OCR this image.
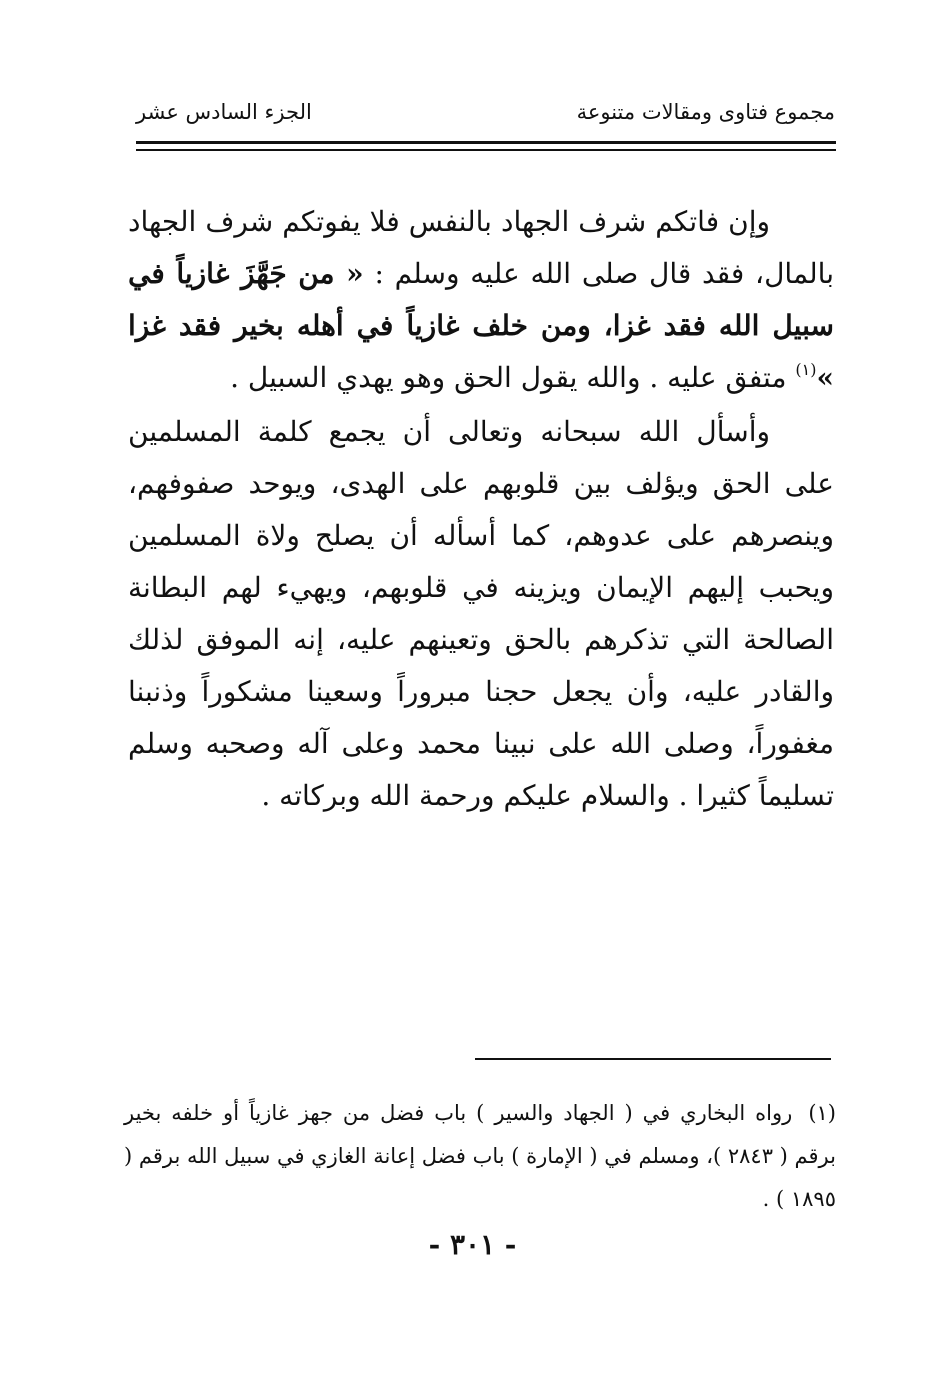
مجموع فتاوى ومقالات متنوعة
الجزء السادس عشر

وإن فاتكم شرف الجهاد بالنفس فلا يفوتكم شرف الجهاد بالمال، فقد قال صلى الله عليه وسلم : « من جَهَّزَ غازياً في سبيل الله فقد غزا، ومن خلف غازياً في أهله بخير فقد غزا »$^{(١)}$ متفق عليه . والله يقول الحق وهو يهدي السبيل .

وأسأل الله سبحانه وتعالى أن يجمع كلمة المسلمين على الحق ويؤلف بين قلوبهم على الهدى، ويوحد صفوفهم، وينصرهم على عدوهم، كما أسأله أن يصلح ولاة المسلمين ويحبب إليهم الإيمان ويزينه في قلوبهم، ويهيء لهم البطانة الصالحة التي تذكرهم بالحق وتعينهم عليه، إنه الموفق لذلك والقادر عليه، وأن يجعل حجنا مبروراً وسعينا مشكوراً وذنبنا مغفوراً، وصلى الله على نبينا محمد وعلى آله وصحبه وسلم تسليماً كثيرا . والسلام عليكم ورحمة الله وبركاته .

(١)رواه البخاري في ( الجهاد والسير ) باب فضل من جهز غازياً أو خلفه بخير برقم ( ٢٨٤٣ )، ومسلم في ( الإمارة ) باب فضل إعانة الغازي في سبيل الله برقم ( ١٨٩٥ ) .
- ٣٠١ -
